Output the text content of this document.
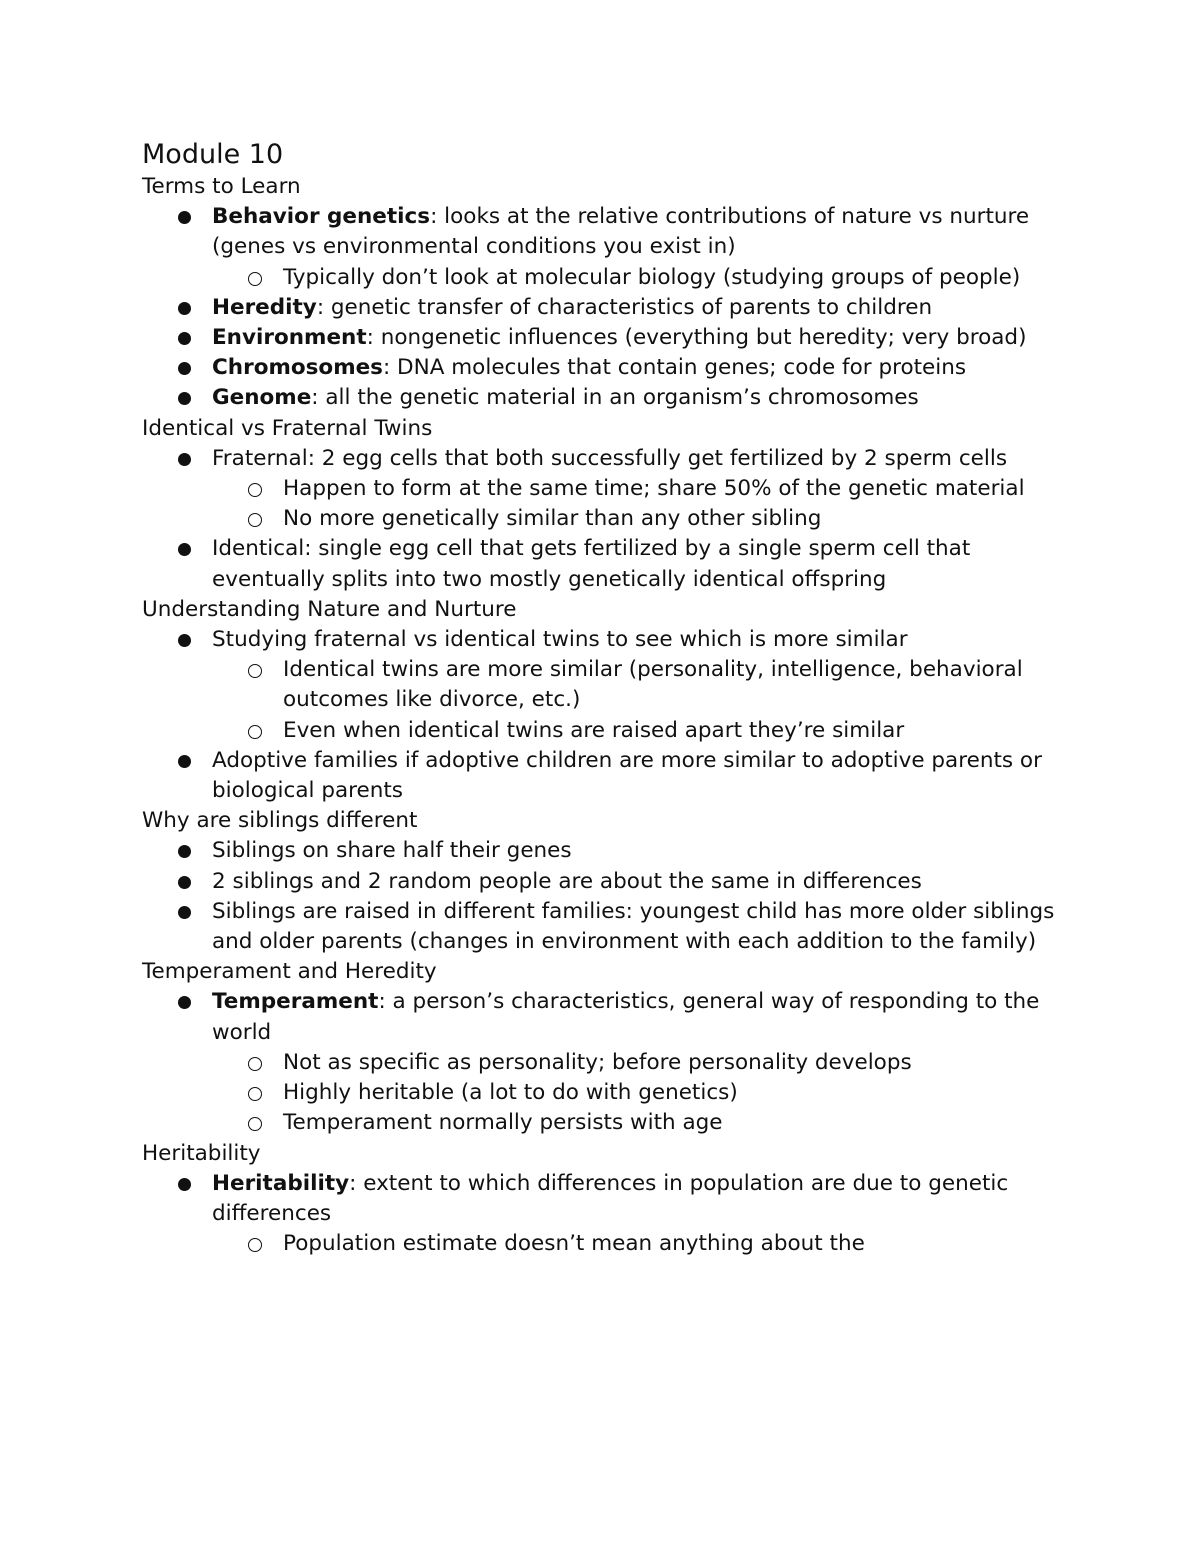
Module 10
Terms to Learn
Behavior genetics: looks at the relative contributions of nature vs nurture (genes vs environmental conditions you exist in)
Typically don’t look at molecular biology (studying groups of people)
Heredity: genetic transfer of characteristics of parents to children
Environment: nongenetic influences (everything but heredity; very broad)
Chromosomes: DNA molecules that contain genes; code for proteins
Genome: all the genetic material in an organism’s chromosomes
Identical vs Fraternal Twins
Fraternal: 2 egg cells that both successfully get fertilized by 2 sperm cells
Happen to form at the same time; share 50% of the genetic material
No more genetically similar than any other sibling
Identical: single egg cell that gets fertilized by a single sperm cell that eventually splits into two mostly genetically identical offspring
Understanding Nature and Nurture
Studying fraternal vs identical twins to see which is more similar
Identical twins are more similar (personality, intelligence, behavioral outcomes like divorce, etc.)
Even when identical twins are raised apart they’re similar
Adoptive families if adoptive children are more similar to adoptive parents or biological parents
Why are siblings different
Siblings on share half their genes
2 siblings and 2 random people are about the same in differences
Siblings are raised in different families: youngest child has more older siblings and older parents (changes in environment with each addition to the family)
Temperament and Heredity
Temperament: a person’s characteristics, general way of responding to the world
Not as specific as personality; before personality develops
Highly heritable (a lot to do with genetics)
Temperament normally persists with age
Heritability
Heritability: extent to which differences in population are due to genetic differences
Population estimate doesn’t mean anything about the
